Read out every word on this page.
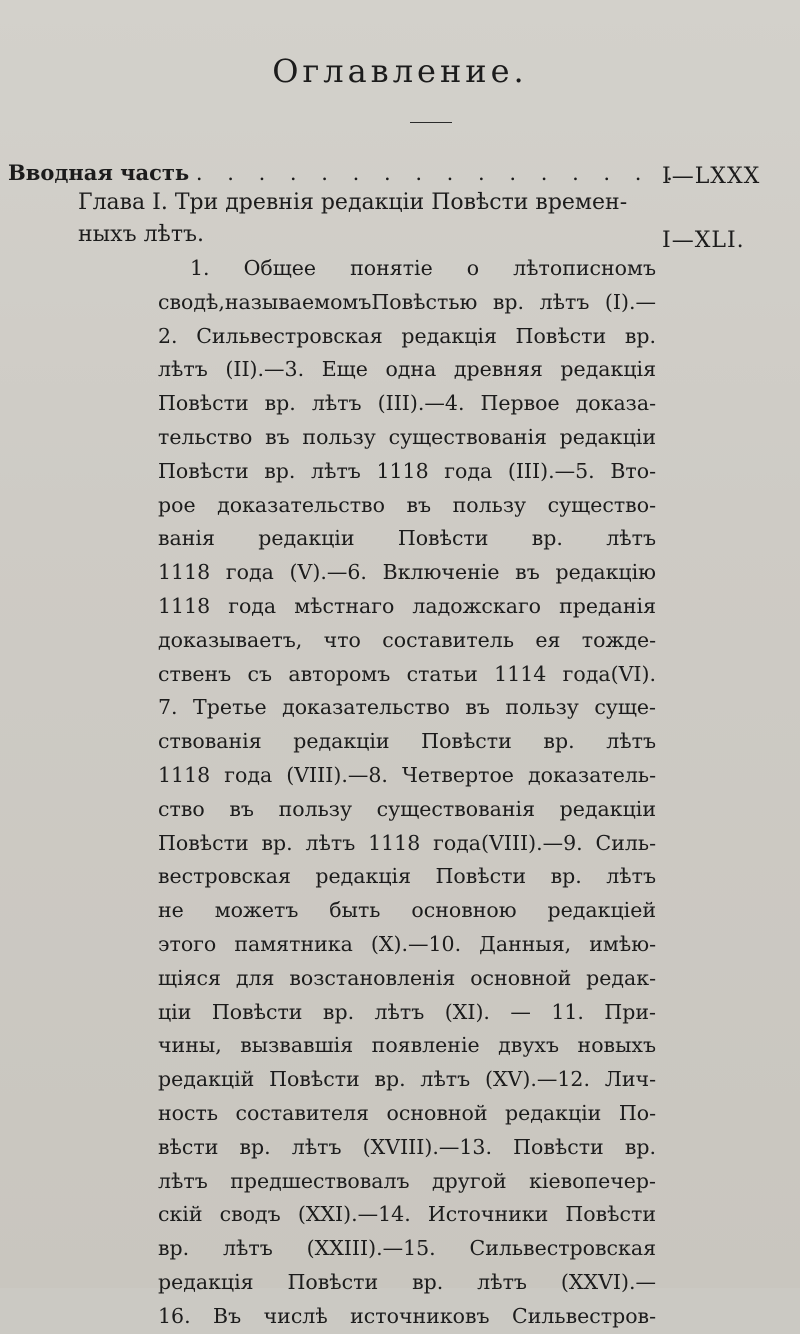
Оглавление.
Вводная часть . . . . . . . . . . . . . . . .
I—LXXX
Глава I. Три древнія редакціи Повѣсти времен-
ныхъ лѣтъ.	I—XLI.
1. Общее понятіе о лѣтописномъ
сводѣ,называемомъПовѣстью вр. лѣтъ (I).—
2. Сильвестровская редакція Повѣсти вр.
лѣтъ (II).—3. Еще одна древняя редакція
Повѣсти вр. лѣтъ (III).—4. Первое доказа-
тельство въ пользу существованія редакціи
Повѣсти вр. лѣтъ 1118 года (III).—5. Вто-
рое доказательство въ пользу существо-
ванія редакціи Повѣсти вр. лѣтъ
1118 года (V).—6. Включеніе въ редакцію
1118 года мѣстнаго ладожскаго преданія
доказываетъ, что составитель ея тожде-
ственъ съ авторомъ статьи 1114 года(VI).
7. Третье доказательство въ пользу суще-
ствованія редакціи Повѣсти вр. лѣтъ
1118 года (VIII).—8. Четвертое доказатель-
ство въ пользу существованія редакціи
Повѣсти вр. лѣтъ 1118 года(VIII).—9. Силь-
вестровская редакція Повѣсти вр. лѣтъ
не можетъ быть основною редакціей
этого памятника (X).—10. Данныя, имѣю-
щіяся для возстановленія основной редак-
ціи Повѣсти вр. лѣтъ (XI). — 11. При-
чины, вызвавшія появленіе двухъ новыхъ
редакцій Повѣсти вр. лѣтъ (XV).—12. Лич-
ность составителя основной редакціи По-
вѣсти вр. лѣтъ (XVIII).—13. Повѣсти вр.
лѣтъ предшествовалъ другой кіевопечер-
скій сводъ (XXI).—14. Источники Повѣсти
вр. лѣтъ (XXIII).—15. Сильвестровская
редакція Повѣсти вр. лѣтъ (XXVI).—
16. Въ числѣ источниковъ Сильвестров-
